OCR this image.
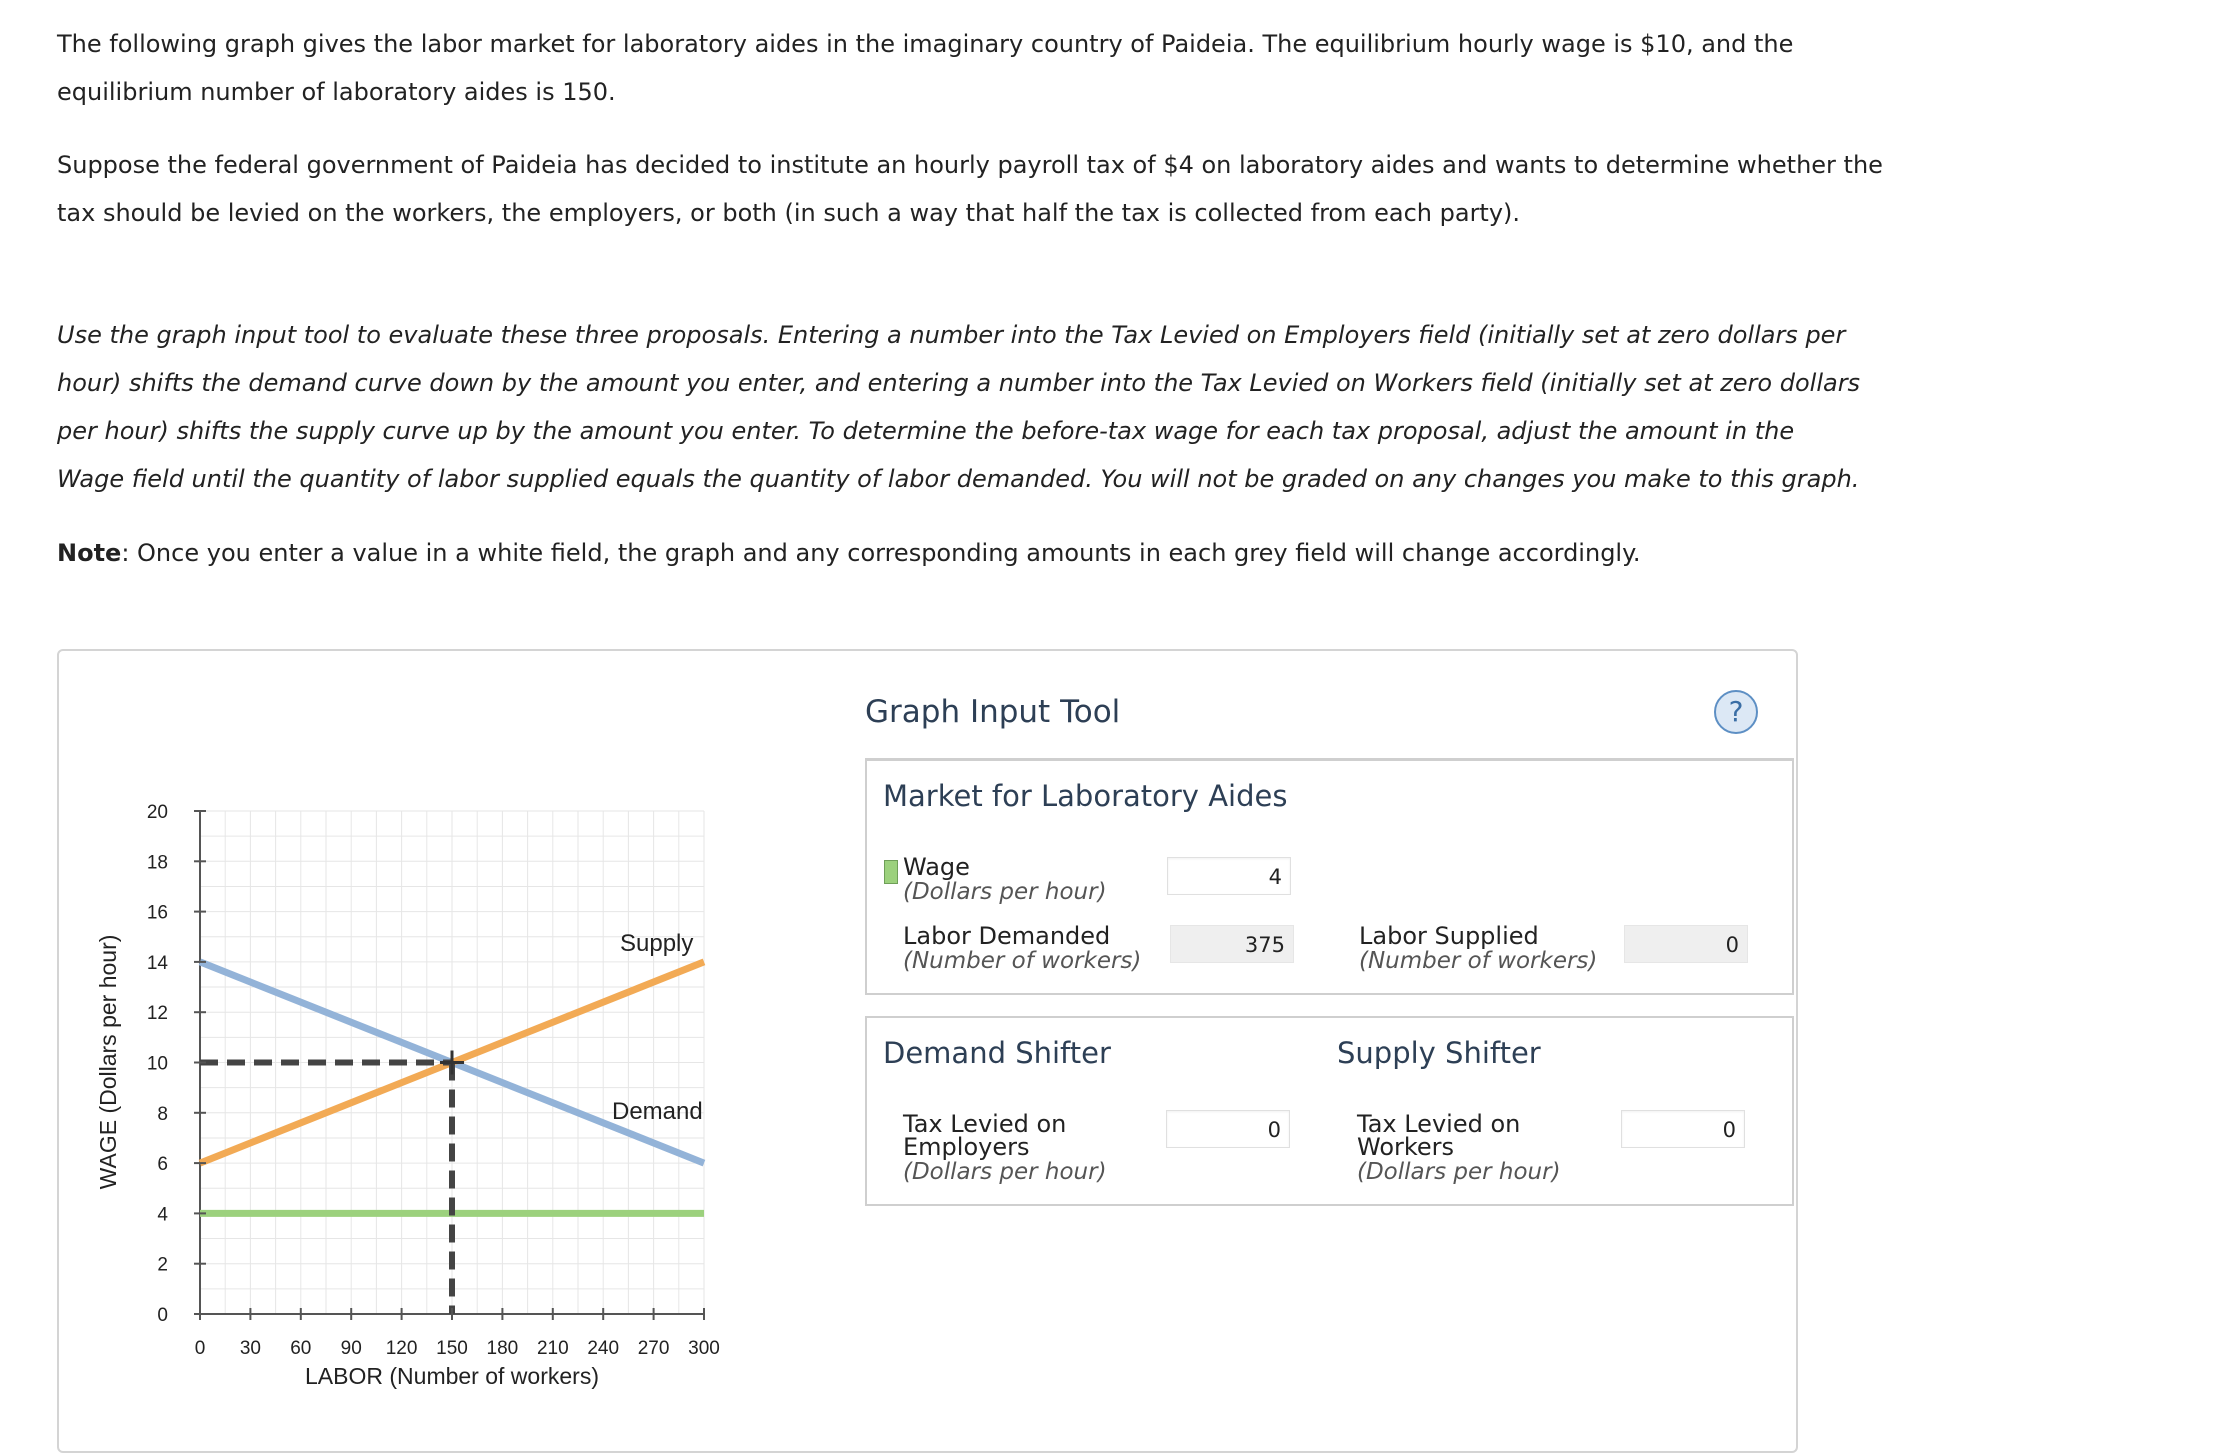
The following graph gives the labor market for laboratory aides in the imaginary country of Paideia. The equilibrium hourly wage is $10, and the
equilibrium number of laboratory aides is 150.

Suppose the federal government of Paideia has decided to institute an hourly payroll tax of $4 on laboratory aides and wants to determine whether the
tax should be levied on the workers, the employers, or both (in such a way that half the tax is collected from each party).

Use the graph input tool to evaluate these three proposals. Entering a number into the Tax Levied on Employers field (initially set at zero dollars per
hour) shifts the demand curve down by the amount you enter, and entering a number into the Tax Levied on Workers field (initially set at zero dollars
per hour) shifts the supply curve up by the amount you enter. To determine the before-tax wage for each tax proposal, adjust the amount in the
Wage field until the quantity of labor supplied equals the quantity of labor demanded. You will not be graded on any changes you make to this graph.

Note: Once you enter a value in a white field, the graph and any corresponding amounts in each grey field will change accordingly.

0
2
4
6
8
10
12
14
16
18
20
0 30 60 90 120 150 180 210 240 270 300
LABOR (Number of workers)
WAGE (Dollars per hour)	Supply
Demand
Graph Input Tool	?
Market for Laboratory Aides
Wage
(Dollars per hour)
4
Labor Demanded
(Number of workers)
375	Labor Supplied
(Number of workers)
0
Demand Shifter	Supply Shifter
Tax Levied on
Employers
(Dollars per hour)
0	Tax Levied on
Workers
(Dollars per hour)
0
